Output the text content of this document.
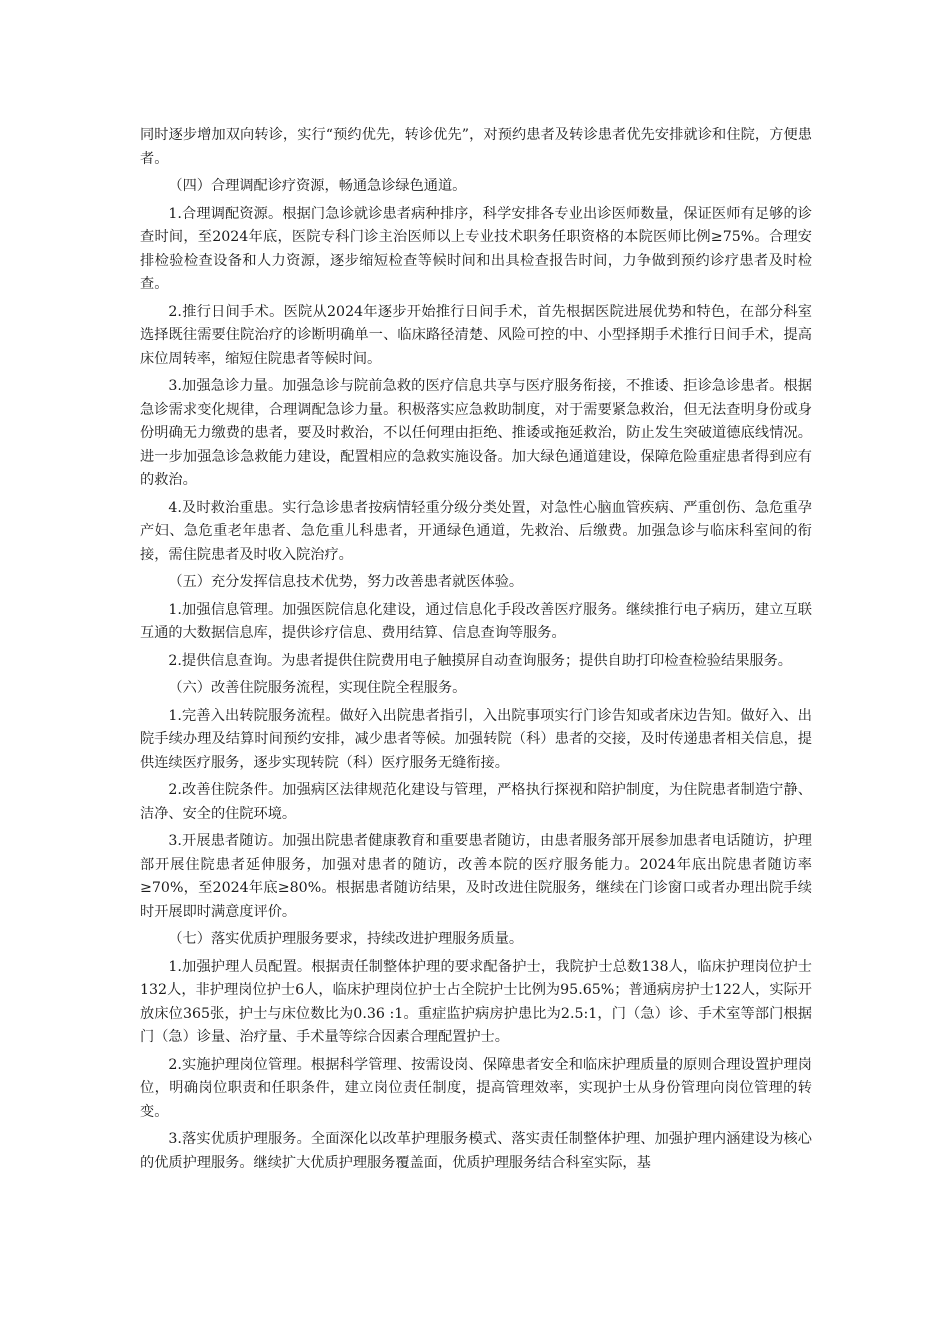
同时逐步增加双向转诊，实行“预约优先，转诊优先”，对预约患者及转诊患者优先安排就诊和住院，方便患者。

（四）合理调配诊疗资源，畅通急诊绿色通道。

1.合理调配资源。根据门急诊就诊患者病种排序，科学安排各专业出诊医师数量，保证医师有足够的诊查时间，至2024年底，医院专科门诊主治医师以上专业技术职务任职资格的本院医师比例≥75%。合理安排检验检查设备和人力资源，逐步缩短检查等候时间和出具检查报告时间，力争做到预约诊疗患者及时检查。

2.推行日间手术。医院从2024年逐步开始推行日间手术，首先根据医院进展优势和特色，在部分科室选择既往需要住院治疗的诊断明确单一、临床路径清楚、风险可控的中、小型择期手术推行日间手术，提高床位周转率，缩短住院患者等候时间。

3.加强急诊力量。加强急诊与院前急救的医疗信息共享与医疗服务衔接，不推诿、拒诊急诊患者。根据急诊需求变化规律，合理调配急诊力量。积极落实应急救助制度，对于需要紧急救治，但无法查明身份或身份明确无力缴费的患者，要及时救治，不以任何理由拒绝、推诿或拖延救治，防止发生突破道德底线情况。进一步加强急诊急救能力建设，配置相应的急救实施设备。加大绿色通道建设，保障危险重症患者得到应有的救治。

4.及时救治重患。实行急诊患者按病情轻重分级分类处置，对急性心脑血管疾病、严重创伤、急危重孕产妇、急危重老年患者、急危重儿科患者，开通绿色通道，先救治、后缴费。加强急诊与临床科室间的衔接，需住院患者及时收入院治疗。

（五）充分发挥信息技术优势，努力改善患者就医体验。

1.加强信息管理。加强医院信息化建设，通过信息化手段改善医疗服务。继续推行电子病历，建立互联互通的大数据信息库，提供诊疗信息、费用结算、信息查询等服务。

2.提供信息查询。为患者提供住院费用电子触摸屏自动查询服务；提供自助打印检查检验结果服务。

（六）改善住院服务流程，实现住院全程服务。

1.完善入出转院服务流程。做好入出院患者指引，入出院事项实行门诊告知或者床边告知。做好入、出院手续办理及结算时间预约安排，减少患者等候。加强转院（科）患者的交接，及时传递患者相关信息，提供连续医疗服务，逐步实现转院（科）医疗服务无缝衔接。

2.改善住院条件。加强病区法律规范化建设与管理，严格执行探视和陪护制度，为住院患者制造宁静、洁净、安全的住院环境。

3.开展患者随访。加强出院患者健康教育和重要患者随访，由患者服务部开展参加患者电话随访，护理部开展住院患者延伸服务，加强对患者的随访，改善本院的医疗服务能力。2024年底出院患者随访率≥70%，至2024年底≥80%。根据患者随访结果，及时改进住院服务，继续在门诊窗口或者办理出院手续时开展即时满意度评价。

（七）落实优质护理服务要求，持续改进护理服务质量。

1.加强护理人员配置。根据责任制整体护理的要求配备护士，我院护士总数138人，临床护理岗位护士132人，非护理岗位护士6人，临床护理岗位护士占全院护士比例为95.65%；普通病房护士122人，实际开放床位365张，护士与床位数比为0.36 :1。重症监护病房护患比为2.5:1，门（急）诊、手术室等部门根据门（急）诊量、治疗量、手术量等综合因素合理配置护士。

2.实施护理岗位管理。根据科学管理、按需设岗、保障患者安全和临床护理质量的原则合理设置护理岗位，明确岗位职责和任职条件，建立岗位责任制度，提高管理效率，实现护士从身份管理向岗位管理的转变。

3.落实优质护理服务。全面深化以改革护理服务模式、落实责任制整体护理、加强护理内涵建设为核心的优质护理服务。继续扩大优质护理服务覆盖面，优质护理服务结合科室实际，基
